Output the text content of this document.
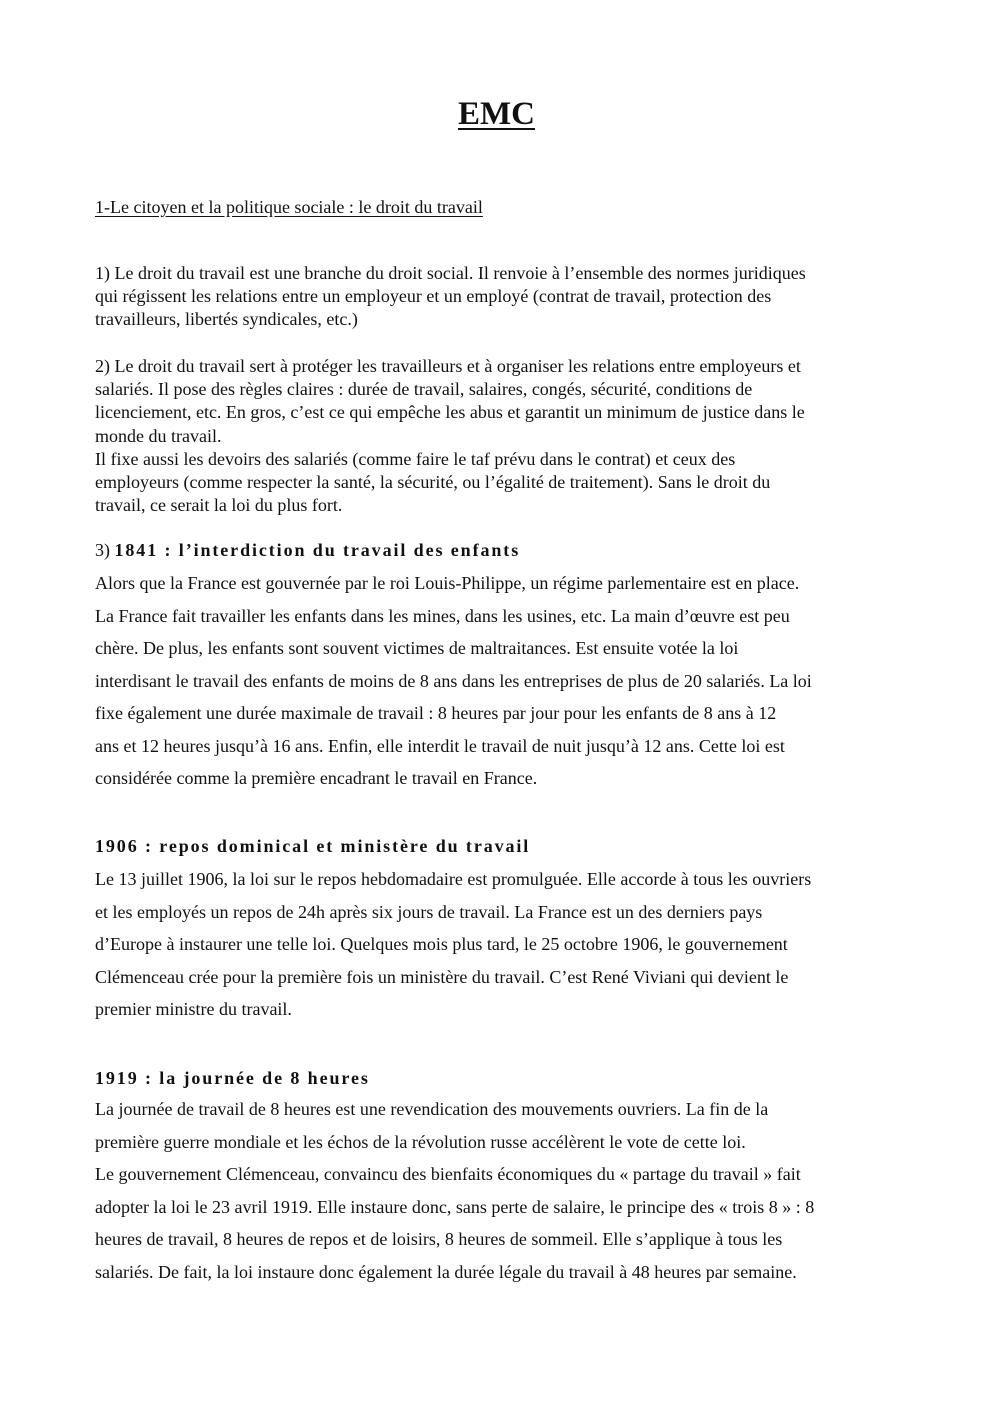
EMC

1-Le citoyen et la politique sociale : le droit du travail

1) Le droit du travail est une branche du droit social. Il renvoie à l’ensemble des normes juridiques
qui régissent les relations entre un employeur et un employé (contrat de travail, protection des
travailleurs, libertés syndicales, etc.)

2) Le droit du travail sert à protéger les travailleurs et à organiser les relations entre employeurs et
salariés. Il pose des règles claires : durée de travail, salaires, congés, sécurité, conditions de
licenciement, etc. En gros, c’est ce qui empêche les abus et garantit un minimum de justice dans le
monde du travail.
Il fixe aussi les devoirs des salariés (comme faire le taf prévu dans le contrat) et ceux des
employeurs (comme respecter la santé, la sécurité, ou l’égalité de traitement). Sans le droit du
travail, ce serait la loi du plus fort.

3) 1841 : l’interdiction du travail des enfants

Alors que la France est gouvernée par le roi Louis-Philippe, un régime parlementaire est en place.
La France fait travailler les enfants dans les mines, dans les usines, etc. La main d’œuvre est peu
chère. De plus, les enfants sont souvent victimes de maltraitances. Est ensuite votée la loi
interdisant le travail des enfants de moins de 8 ans dans les entreprises de plus de 20 salariés. La loi
fixe également une durée maximale de travail : 8 heures par jour pour les enfants de 8 ans à 12
ans et 12 heures jusqu’à 16 ans. Enfin, elle interdit le travail de nuit jusqu’à 12 ans. Cette loi est
considérée comme la première encadrant le travail en France.

1906 : repos dominical et ministère du travail

Le 13 juillet 1906, la loi sur le repos hebdomadaire est promulguée. Elle accorde à tous les ouvriers
et les employés un repos de 24h après six jours de travail. La France est un des derniers pays
d’Europe à instaurer une telle loi. Quelques mois plus tard, le 25 octobre 1906, le gouvernement
Clémenceau crée pour la première fois un ministère du travail. C’est René Viviani qui devient le
premier ministre du travail.

1919 : la journée de 8 heures

La journée de travail de 8 heures est une revendication des mouvements ouvriers. La fin de la
première guerre mondiale et les échos de la révolution russe accélèrent le vote de cette loi.
Le gouvernement Clémenceau, convaincu des bienfaits économiques du « partage du travail » fait
adopter la loi le 23 avril 1919. Elle instaure donc, sans perte de salaire, le principe des « trois 8 » : 8
heures de travail, 8 heures de repos et de loisirs, 8 heures de sommeil. Elle s’applique à tous les
salariés. De fait, la loi instaure donc également la durée légale du travail à 48 heures par semaine.
